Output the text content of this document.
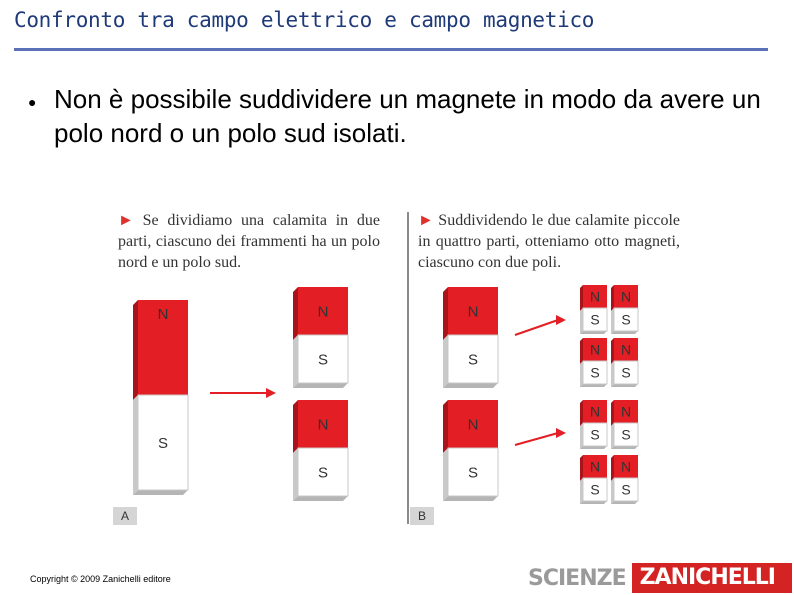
Confronto tra campo elettrico e campo magnetico
● Non è possibile suddividere un magnete in modo da avere un polo nord o un polo sud isolati.
► Se dividiamo una calamita in due parti, ciascuno dei frammenti ha un polo nord e un polo sud.
► Suddividendo le due calamite piccole in quattro parti, otteniamo otto magneti, ciascuno con due poli.
N
S
N
S
N
S
N
S
N
S
N
S
N
S
N
S
N
S
N
S
N
S
N
S
N
S
A	B
Copyright © 2009 Zanichelli editore	SCIENZE ZANICHELLI
